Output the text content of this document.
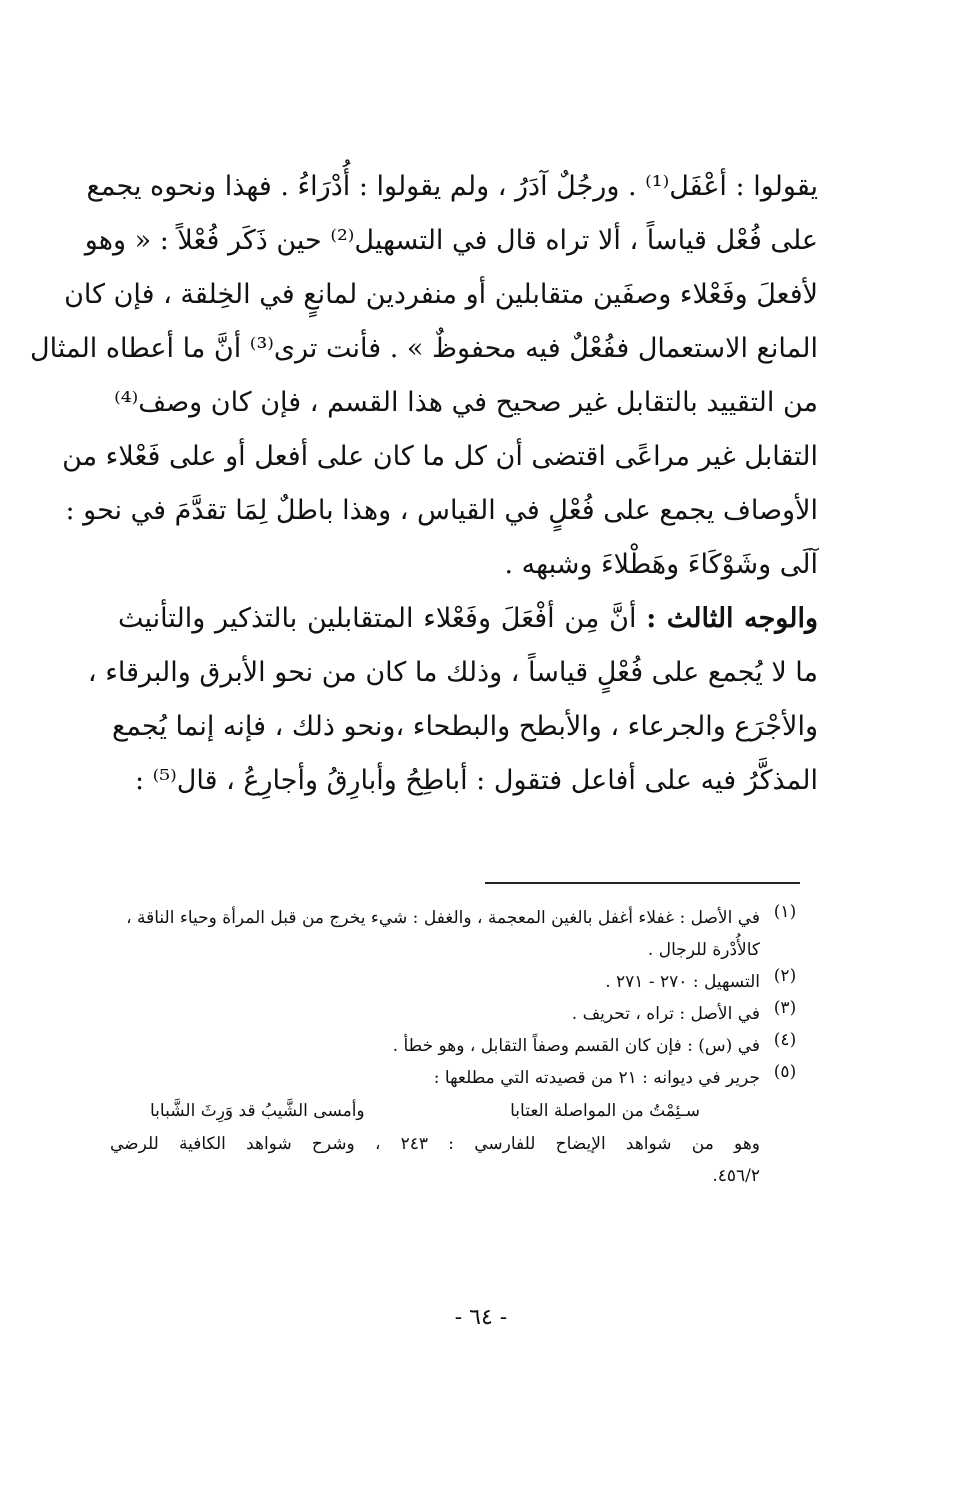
يقولوا : أعْفَل⁽¹⁾ . ورجُلٌ آدَرُ ، ولم يقولوا : أُدْرَاءُ . فهذا ونحوه يجمع
على فُعْل قياساً ، ألا تراه قال في التسهيل⁽²⁾ حين ذَكَر فُعْلاً : « وهو
لأفعلَ وفَعْلاء وصفَين متقابلين أو منفردين لمانعٍ في الخِلقة ، فإن كان
المانع الاستعمال ففُعْلٌ فيه محفوظٌ » . فأنت ترى⁽³⁾ أنَّ ما أعطاه المثال
من التقييد بالتقابل غير صحيح في هذا القسم ، فإن كان وصف⁽⁴⁾
التقابل غير مراعًى اقتضى أن كل ما كان على أفعل أو على فَعْلاء من
الأوصاف يجمع على فُعْلٍ في القياس ، وهذا باطلٌ لِمَا تقدَّمَ في نحو :
آلَى وشَوْكَاءَ وهَطْلاءَ وشبهه .
والوجه الثالث : أنَّ مِن أفْعَلَ وفَعْلاء المتقابلين بالتذكير والتأنيث
ما لا يُجمع على فُعْلٍ قياساً ، وذلك ما كان من نحو الأبرق والبرقاء ،
والأجْرَع والجرعاء ، والأبطح والبطحاء ،ونحو ذلك ، فإنه إنما يُجمع
المذكَّرُ فيه على أفاعل فتقول : أباطِحُ وأبارِقُ وأجارِعُ ، قال⁽⁵⁾ :
(١)
في الأصل : غفلاء أغفل بالغين المعجمة ، والغفل : شيء يخرج من قبل المرأة وحياء الناقة ،
كالأُدْرة للرجال .
(٢)
التسهيل : ٢٧٠ - ٢٧١ .
(٣)
في الأصل : تراه ، تحريف .
(٤)
في (س) : فإن كان القسم وصفاً التقابل ، وهو خطأ .
(٥)
جرير في ديوانه : ٢١ من قصيدته التي مطلعها :
سـئِمْتُ من المواصلة العتابا
وأمسى الشَّيبُ قد وَرِثَ الشَّبابا
وهو من شواهد الإيضاح للفارسي : ٢٤٣ ، وشرح شواهد الكافية للرضي
٤٥٦/٢.
- ٦٤ -
